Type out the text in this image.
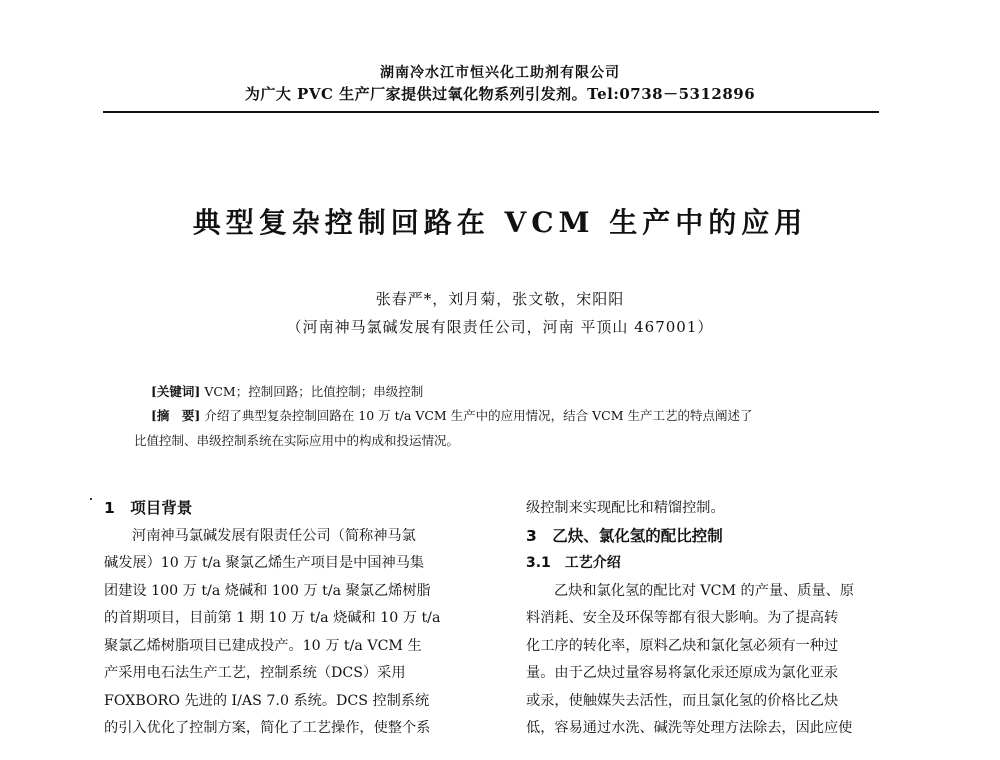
湖南冷水江市恒兴化工助剂有限公司
为广大 PVC 生产厂家提供过氧化物系列引发剂。Tel:0738－5312896
典型复杂控制回路在 VCM 生产中的应用
张春严*，刘月菊，张文敬，宋阳阳
（河南神马氯碱发展有限责任公司，河南 平顶山 467001）
[关键词] VCM；控制回路；比值控制；串级控制
[摘　要] 介绍了典型复杂控制回路在 10 万 t/a VCM 生产中的应用情况，结合 VCM 生产工艺的特点阐述了
比值控制、串级控制系统在实际应用中的构成和投运情况。
1　项目背景
河南神马氯碱发展有限责任公司（简称神马氯
碱发展）10 万 t/a 聚氯乙烯生产项目是中国神马集
团建设 100 万 t/a 烧碱和 100 万 t/a 聚氯乙烯树脂
的首期项目，目前第 1 期 10 万 t/a 烧碱和 10 万 t/a
聚氯乙烯树脂项目已建成投产。10 万 t/a VCM 生
产采用电石法生产工艺，控制系统（DCS）采用
FOXBORO 先进的 I/AS 7.0 系统。DCS 控制系统
的引入优化了控制方案，简化了工艺操作，使整个系
级控制来实现配比和精馏控制。
3　乙炔、氯化氢的配比控制
3.1　工艺介绍
乙炔和氯化氢的配比对 VCM 的产量、质量、原
料消耗、安全及环保等都有很大影响。为了提高转
化工序的转化率，原料乙炔和氯化氢必须有一种过
量。由于乙炔过量容易将氯化汞还原成为氯化亚汞
或汞，使触媒失去活性，而且氯化氢的价格比乙炔
低，容易通过水洗、碱洗等处理方法除去，因此应使
